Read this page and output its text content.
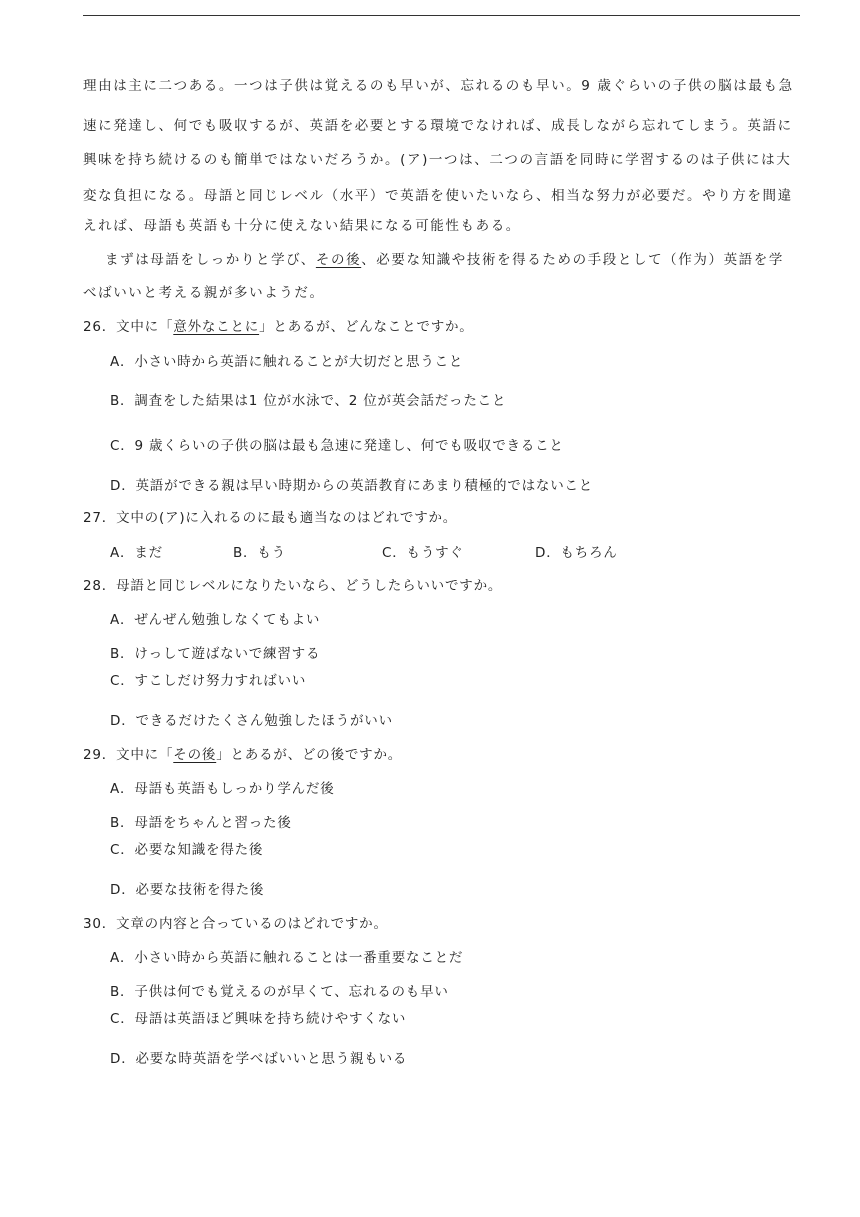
理由は主に二つある。一つは子供は覚えるのも早いが、忘れるのも早い。9 歳ぐらいの子供の脳は最も急
速に発達し、何でも吸収するが、英語を必要とする環境でなければ、成長しながら忘れてしまう。英語に
興味を持ち続けるのも簡単ではないだろうか。(ア)一つは、二つの言語を同時に学習するのは子供には大
変な負担になる。母語と同じレベル（水平）で英語を使いたいなら、相当な努力が必要だ。やり方を間違
えれば、母語も英語も十分に使えない結果になる可能性もある。
まずは母語をしっかりと学び、その後、必要な知識や技術を得るための手段として（作为）英語を学
べばいいと考える親が多いようだ。
26．文中に「意外なことに」とあるが、どんなことですか。
A．小さい時から英語に触れることが大切だと思うこと
B．調査をした結果は1 位が水泳で、2 位が英会話だったこと
C．9 歳くらいの子供の脳は最も急速に発達し、何でも吸収できること
D．英語ができる親は早い時期からの英語教育にあまり積極的ではないこと
27．文中の(ア)に入れるのに最も適当なのはどれですか。
A．まだ	B．もう	C．もうすぐ	D．もちろん
28．母語と同じレベルになりたいなら、どうしたらいいですか。
A．ぜんぜん勉強しなくてもよい
B．けっして遊ばないで練習する
C．すこしだけ努力すればいい
D．できるだけたくさん勉強したほうがいい
29．文中に「その後」とあるが、どの後ですか。
A．母語も英語もしっかり学んだ後
B．母語をちゃんと習った後
C．必要な知識を得た後
D．必要な技術を得た後
30．文章の内容と合っているのはどれですか。
A．小さい時から英語に触れることは一番重要なことだ
B．子供は何でも覚えるのが早くて、忘れるのも早い
C．母語は英語ほど興味を持ち続けやすくない
D．必要な時英語を学べばいいと思う親もいる
